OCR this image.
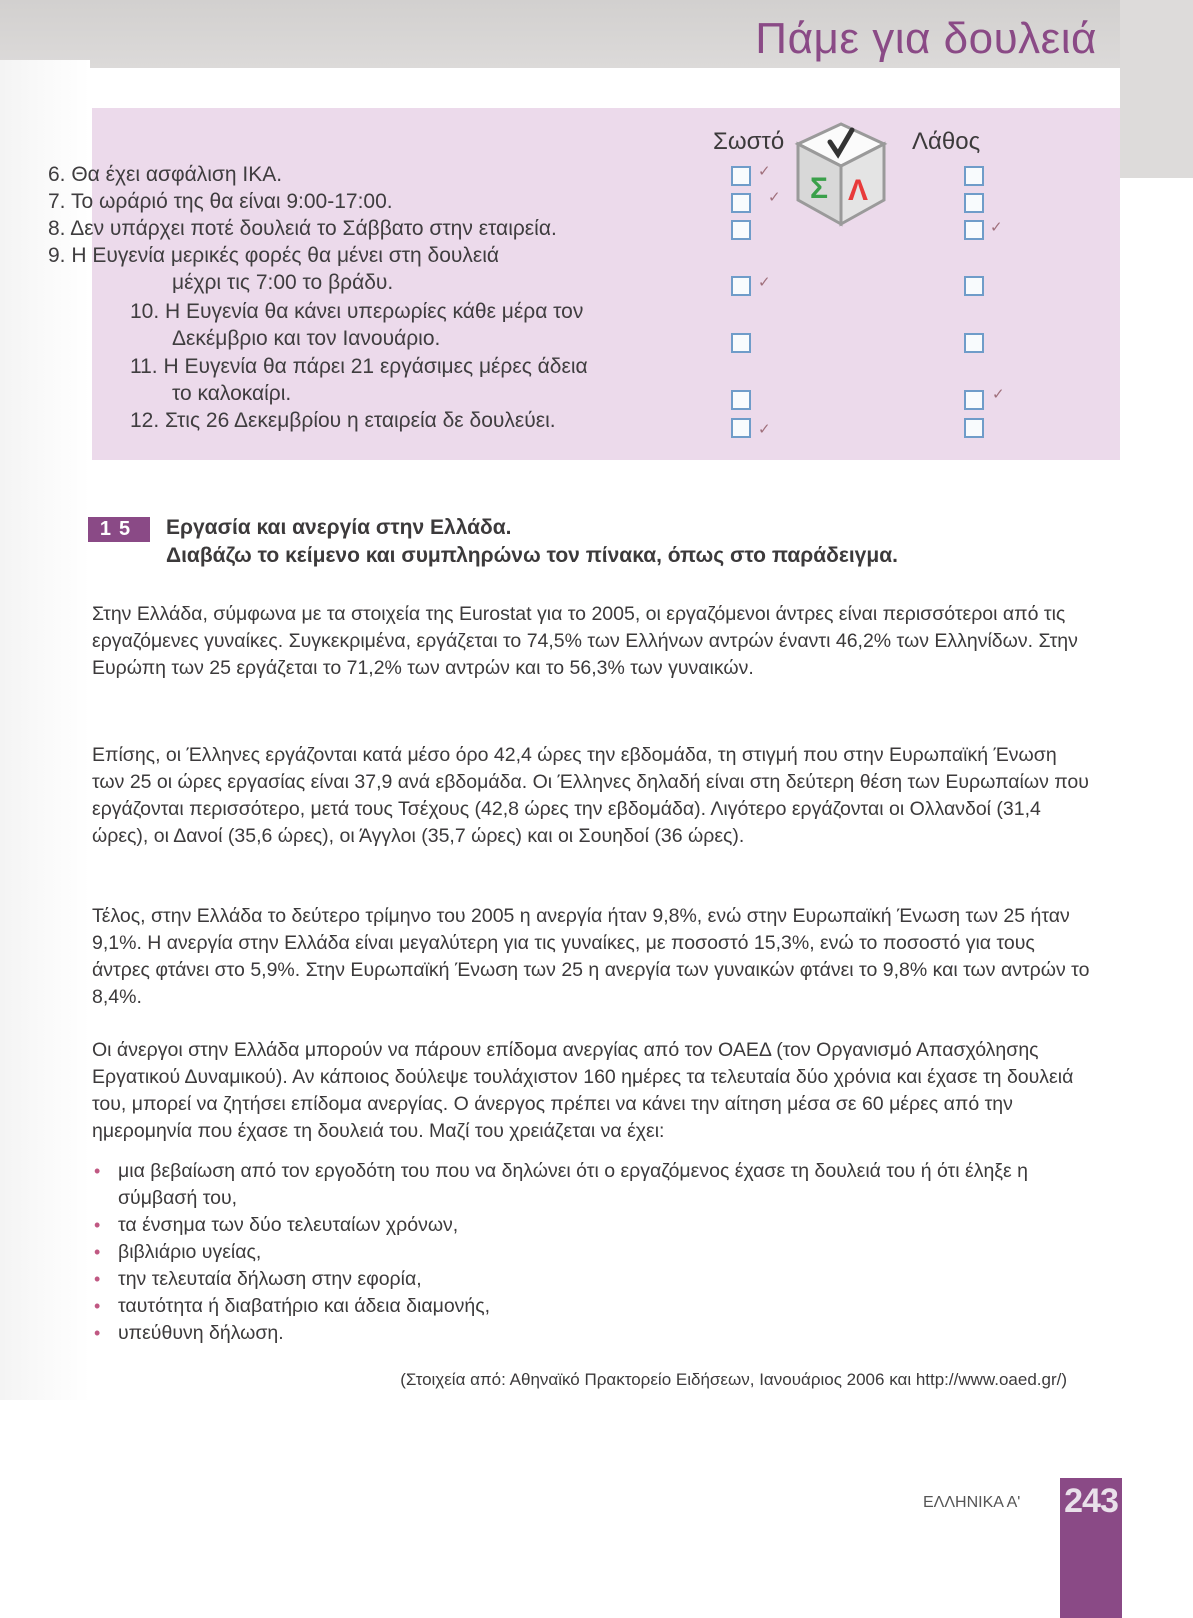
Πάμε για δουλειά
Σωστό	Λάθος
Σ Λ
6. Θα έχει ασφάλιση ΙΚΑ.
7. Το ωράριό της θα είναι 9:00-17:00.
8. Δεν υπάρχει ποτέ δουλειά το Σάββατο στην εταιρεία.
9. Η Ευγενία μερικές φορές θα μένει στη δουλειά
μέχρι τις 7:00 το βράδυ.
10. Η Ευγενία θα κάνει υπερωρίες κάθε μέρα τον
Δεκέμβριο και τον Ιανουάριο.
11. Η Ευγενία θα πάρει 21 εργάσιμες μέρες άδεια
το καλοκαίρι.
12. Στις 26 Δεκεμβρίου η εταιρεία δε δουλεύει.
✓
✓
✓
✓
✓
✓
15	Εργασία και ανεργία στην Ελλάδα.
Διαβάζω το κείμενο και συμπληρώνω τον πίνακα, όπως στο παράδειγμα.
Στην Ελλάδα, σύμφωνα με τα στοιχεία της Eurostat για το 2005, οι εργαζόμενοι άντρες είναι περισσότεροι από τις εργαζόμενες γυναίκες. Συγκεκριμένα, εργάζεται το 74,5% των Ελλήνων αντρών έναντι 46,2% των Ελληνίδων. Στην Ευρώπη των 25 εργάζεται το 71,2% των αντρών και το 56,3% των γυναικών.
Επίσης, οι Έλληνες εργάζονται κατά μέσο όρο 42,4 ώρες την εβδομάδα, τη στιγμή που στην Ευρωπαϊκή Ένωση των 25 οι ώρες εργασίας είναι 37,9 ανά εβδομάδα. Οι Έλληνες δηλαδή είναι στη δεύτερη θέση των Ευρωπαίων που εργάζονται περισσότερο, μετά τους Τσέχους (42,8 ώρες την εβδομάδα). Λιγότερο εργάζονται οι Ολλανδοί (31,4 ώρες), οι Δανοί (35,6 ώρες), οι Άγγλοι (35,7 ώρες) και οι Σουηδοί (36 ώρες).
Τέλος, στην Ελλάδα το δεύτερο τρίμηνο του 2005 η ανεργία ήταν 9,8%, ενώ στην Ευρωπαϊκή Ένωση των 25 ήταν 9,1%. Η ανεργία στην Ελλάδα είναι μεγαλύτερη για τις γυναίκες, με ποσοστό 15,3%, ενώ το ποσοστό για τους άντρες φτάνει στο 5,9%. Στην Ευρωπαϊκή Ένωση των 25 η ανεργία των γυναικών φτάνει το 9,8% και των αντρών το 8,4%.
Οι άνεργοι στην Ελλάδα μπορούν να πάρουν επίδομα ανεργίας από τον ΟΑΕΔ (τον Οργανισμό Απασχόλησης Εργατικού Δυναμικού). Αν κάποιος δούλεψε τουλάχιστον 160 ημέρες τα τελευταία δύο χρόνια και έχασε τη δουλειά του, μπορεί να ζητήσει επίδομα ανεργίας. Ο άνεργος πρέπει να κάνει την αίτηση μέσα σε 60 μέρες από την ημερομηνία που έχασε τη δουλειά του. Μαζί του χρειάζεται να έχει:
• μια βεβαίωση από τον εργοδότη του που να δηλώνει ότι ο εργαζόμενος έχασε τη δουλειά του ή ότι έληξε η σύμβασή του,
• τα ένσημα των δύο τελευταίων χρόνων,
• βιβλιάριο υγείας,
• την τελευταία δήλωση στην εφορία,
• ταυτότητα ή διαβατήριο και άδεια διαμονής,
• υπεύθυνη δήλωση.
(Στοιχεία από: Αθηναϊκό Πρακτορείο Ειδήσεων, Ιανουάριος 2006 και http://www.oaed.gr/)
ΕΛΛΗΝΙΚΑ Α' 243
